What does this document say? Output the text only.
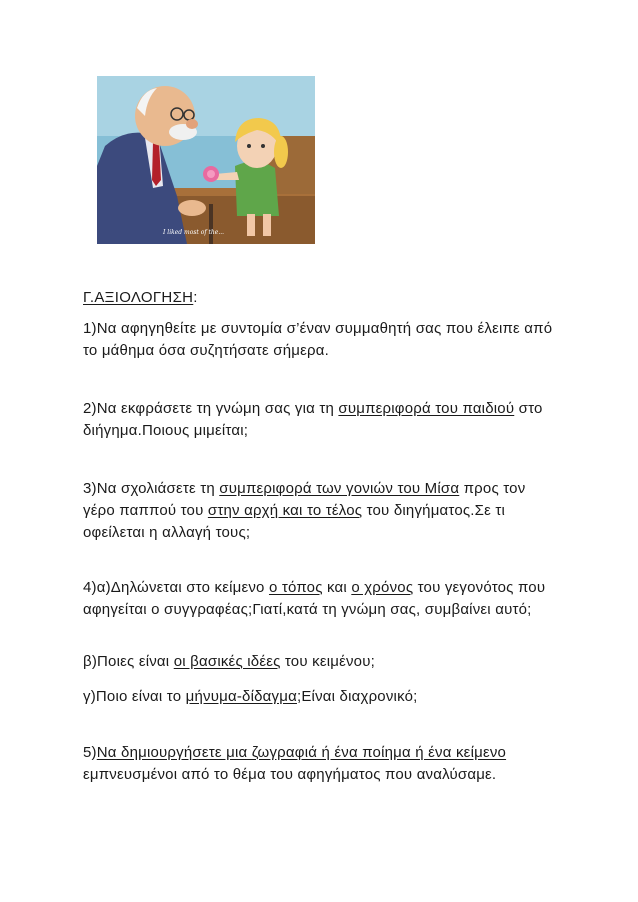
I liked most of the...
Γ.ΑΞΙΟΛΟΓΗΣΗ:

1)Να αφηγηθείτε με συντομία σ’έναν συμμαθητή σας που έλειπε από το μάθημα όσα συζητήσατε σήμερα.

2)Να εκφράσετε τη γνώμη σας για τη συμπεριφορά του παιδιού στο διήγημα.Ποιους μιμείται;

3)Να σχολιάσετε τη συμπεριφορά των γονιών του Μίσα προς τον γέρο παππού του στην αρχή και το τέλος του διηγήματος.Σε τι οφείλεται η αλλαγή τους;

4)α)Δηλώνεται στο κείμενο ο τόπος και ο χρόνος του γεγονότος που αφηγείται ο συγγραφέας;Γιατί,κατά τη γνώμη σας, συμβαίνει αυτό;

β)Ποιες είναι οι βασικές ιδέες του κειμένου;

γ)Ποιο είναι το μήνυμα-δίδαγμα;Είναι διαχρονικό;

5)Να δημιουργήσετε μια ζωγραφιά ή ένα ποίημα ή ένα κείμενο εμπνευσμένοι από το θέμα του αφηγήματος που αναλύσαμε.
